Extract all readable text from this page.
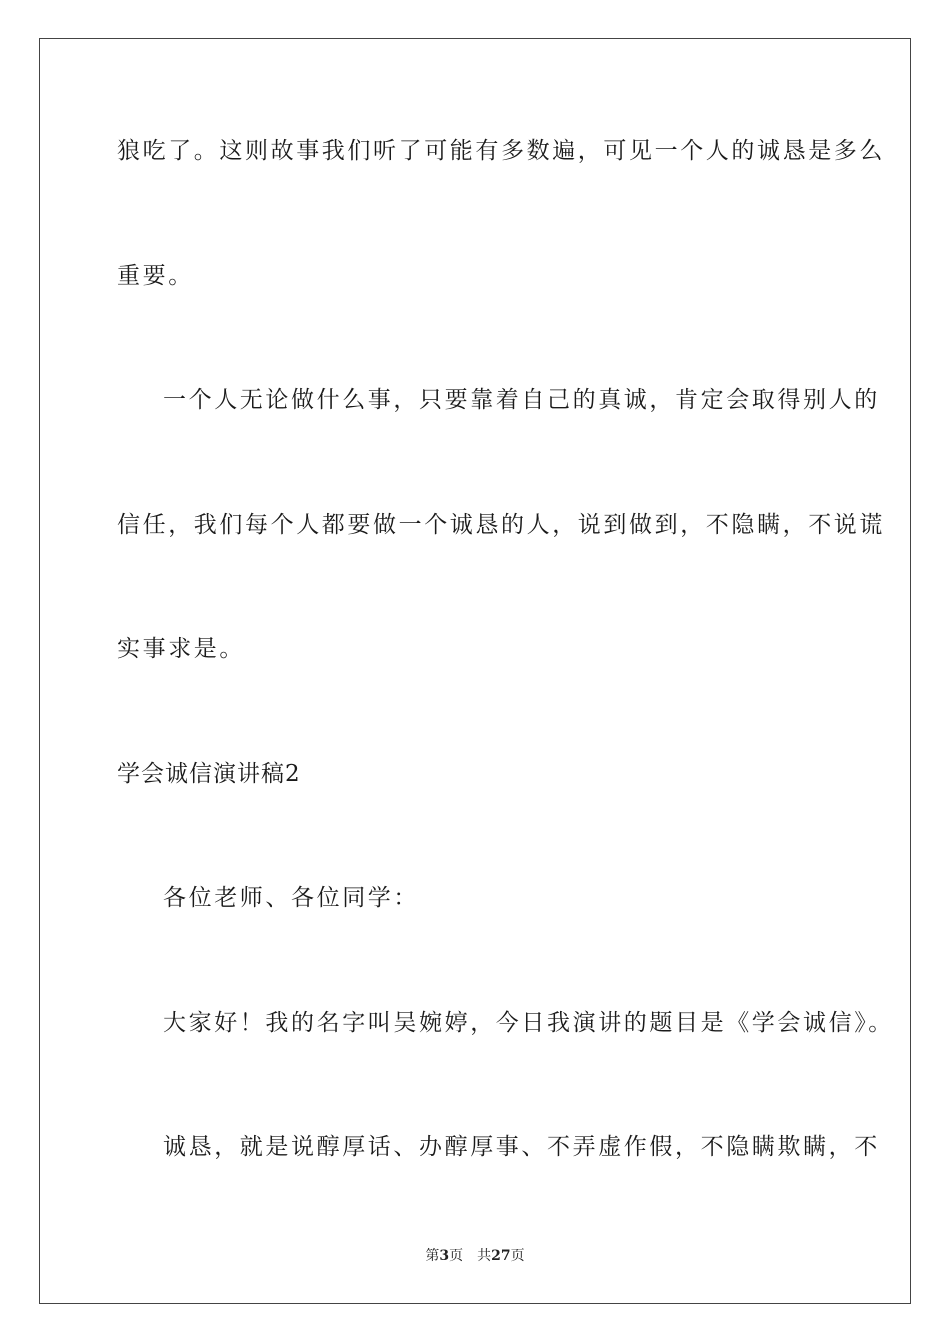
狼吃了。这则故事我们听了可能有多数遍，可见一个人的诚恳是多么
重要。
一个人无论做什么事，只要靠着自己的真诚，肯定会取得别人的
信任，我们每个人都要做一个诚恳的人，说到做到，不隐瞒，不说谎
实事求是。
学会诚信演讲稿2
各位老师、各位同学：
大家好！我的名字叫吴婉婷，今日我演讲的题目是《学会诚信》。
诚恳，就是说醇厚话、办醇厚事、不弄虚作假，不隐瞒欺瞒，不
第3页 共27页
